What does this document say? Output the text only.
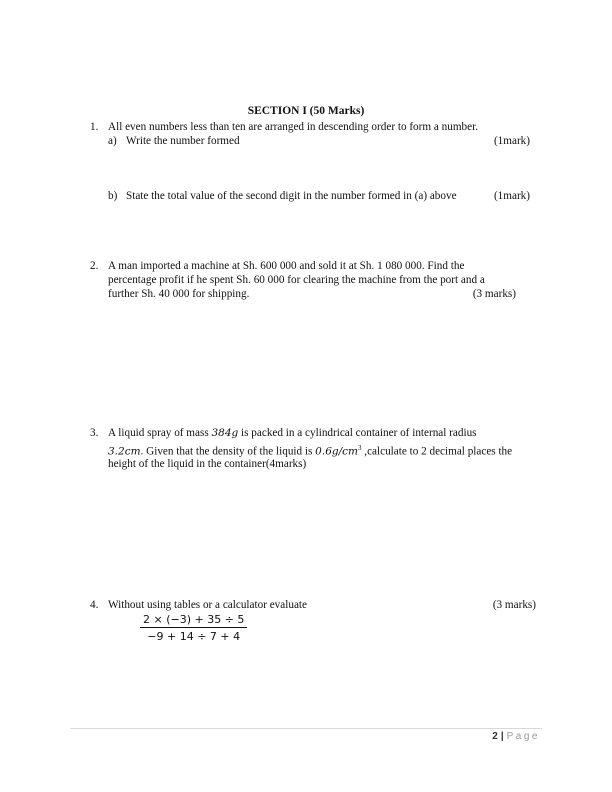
SECTION I (50 Marks)
1. All even numbers less than ten are arranged in descending order to form a number.
a) Write the number formed	(1mark)
b) State the total value of the second digit in the number formed in (a) above	(1mark)
2. A man imported a machine at Sh. 600 000 and sold it at Sh. 1 080 000. Find the
percentage profit if he spent Sh. 60 000 for clearing the machine from the port and a
further Sh. 40 000 for shipping.	(3 marks)
3. A liquid spray of mass 384g is packed in a cylindrical container of internal radius
3.2cm. Given that the density of the liquid is $0.6g/cm^3$ ,calculate to 2 decimal places the
height of the liquid in the container(4marks)
4. Without using tables or a calculator evaluate	(3 marks)
$\frac{2 \times (-3) + 35 \div 5}{-9 + 14 \div 7 + 4}$
2 | Page
